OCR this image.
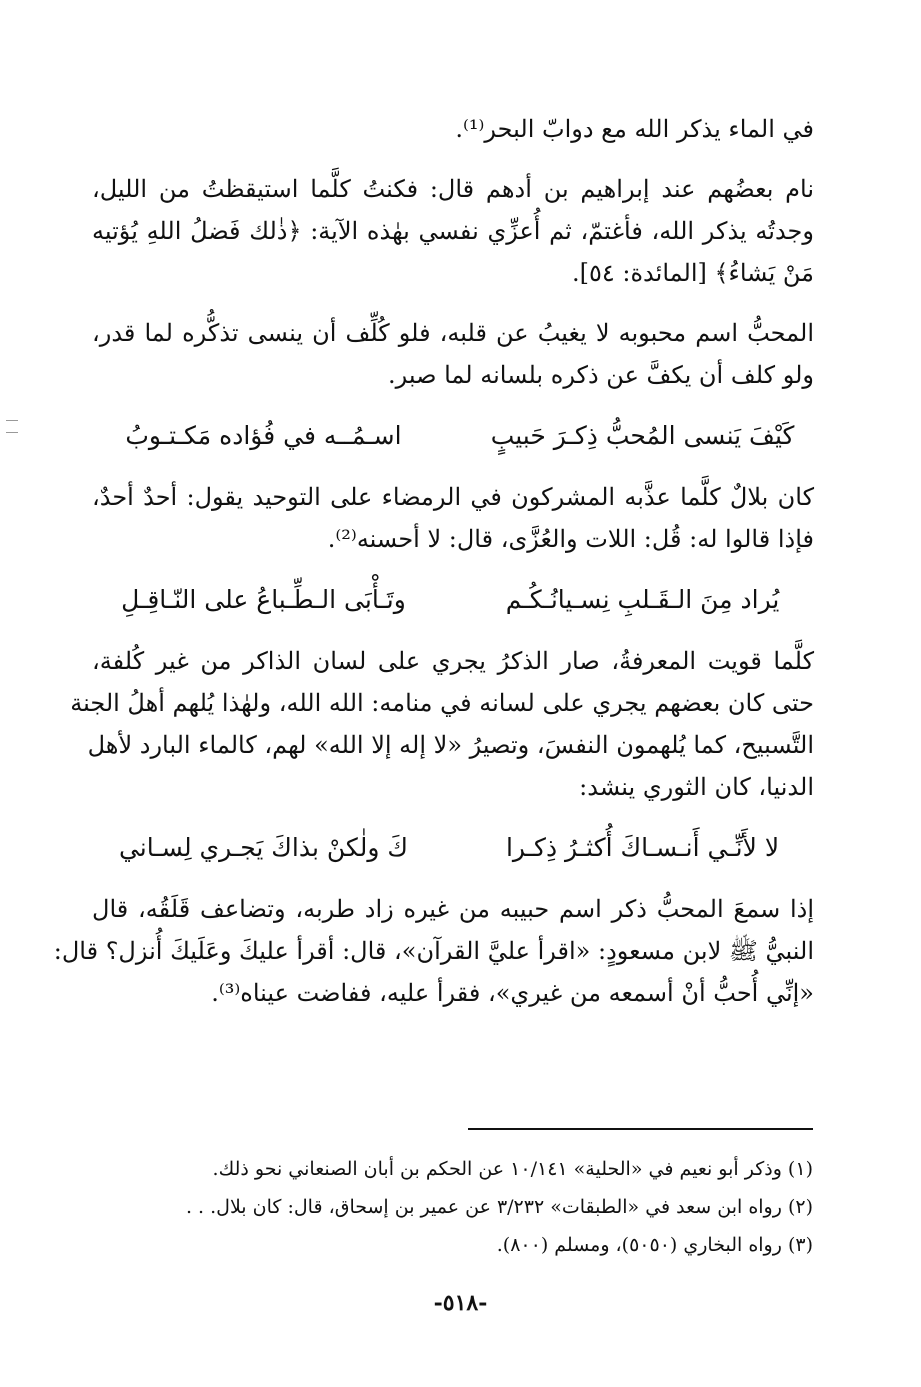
في الماء يذكر الله مع دوابّ البحر⁽¹⁾.
نام بعضُهم عند إبراهيم بن أدهم قال: فكنتُ كلَّما استيقظتُ من الليل،
وجدتُه يذكر الله، فأغتمّ، ثم أُعزِّي نفسي بهٰذه الآية: ﴿ذٰلك فَضلُ اللهِ يُؤتيه
مَنْ يَشاءُ﴾ [المائدة: ٥٤].
المحبُّ اسم محبوبه لا يغيبُ عن قلبه، فلو كُلِّف أن ينسى تذكُّره لما قدر،
ولو كلف أن يكفَّ عن ذكره بلسانه لما صبر.
كَيْفَ يَنسى المُحبُّ ذِكـرَ حَبيبٍ
اسـمُــه في فُؤاده مَكـتـوبُ
كان بلالٌ كلَّما عذَّبه المشركون في الرمضاء على التوحيد يقول: أحدٌ أحدٌ،
فإذا قالوا له: قُل: اللات والعُزَّى، قال: لا أحسنه⁽²⁾.
يُراد مِنَ الـقَـلبِ نِسـيانُـكُـم
وتَـأْبَى الـطِّـباعُ على النّـاقِـلِ
كلَّما قويت المعرفةُ، صار الذكرُ يجري على لسان الذاكر من غير كُلفة،
حتى كان بعضهم يجري على لسانه في منامه: الله الله، ولهٰذا يُلهم أهلُ الجنة
التَّسبيح، كما يُلهمون النفسَ، وتصيرُ «لا إله إلا الله» لهم، كالماء البارد لأهل
الدنيا، كان الثوري ينشد:
لا لأَنِّـي أَنـسـاكَ أُكثـرُ ذِكـرا
كَ ولٰكنْ بذاكَ يَجـري لِسـاني
إذا سمعَ المحبُّ ذكر اسم حبيبه من غيره زاد طربه، وتضاعف قَلَقُه، قال
النبيُّ ﷺ لابن مسعودٍ: «اقرأ عليَّ القرآن»، قال: أقرأ عليكَ وعَلَيكَ أُنزل؟ قال:
«إنِّي أُحبُّ أنْ أسمعه من غيري»، فقرأ عليه، ففاضت عيناه⁽³⁾.
(١) وذكر أبو نعيم في «الحلية» ١٠/١٤١ عن الحكم بن أبان الصنعاني نحو ذلك.
(٢) رواه ابن سعد في «الطبقات» ٣/٢٣٢ عن عمير بن إسحاق، قال: كان بلال. . .
(٣) رواه البخاري (٥٠٥٠)، ومسلم (٨٠٠).
-٥١٨-
